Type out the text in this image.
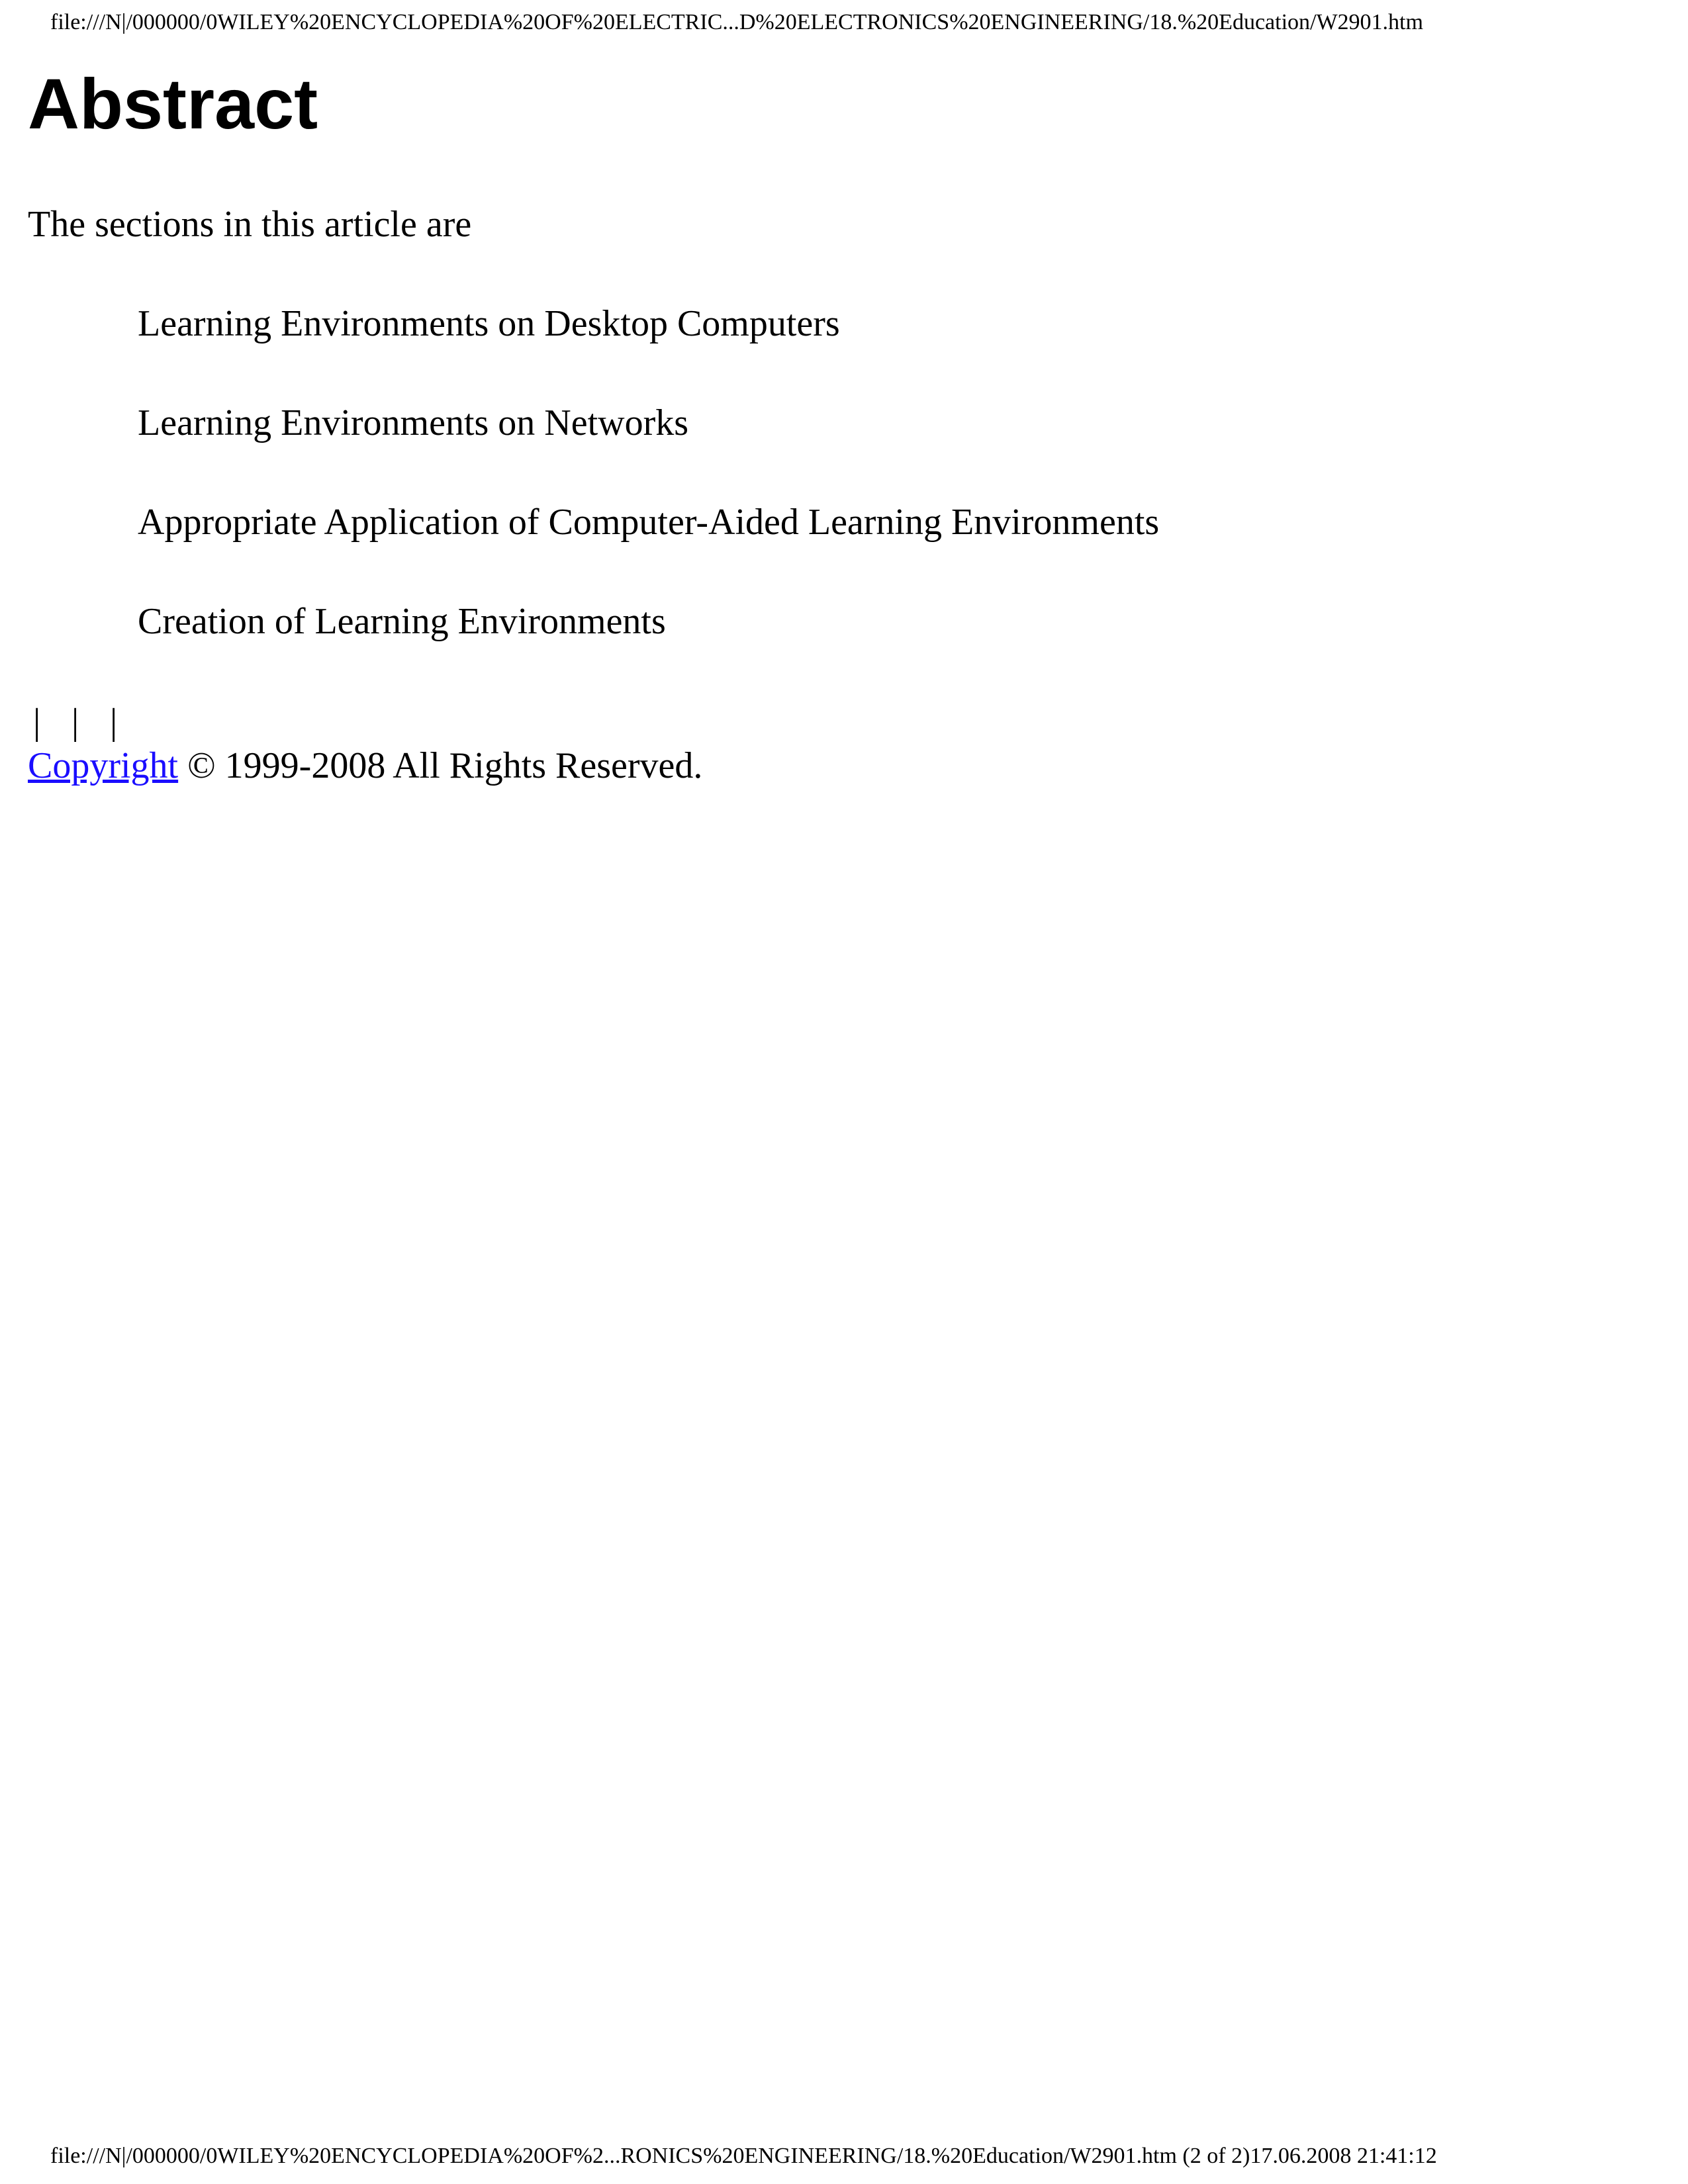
file:///N|/000000/0WILEY%20ENCYCLOPEDIA%20OF%20ELECTRIC...D%20ELECTRONICS%20ENGINEERING/18.%20Education/W2901.htm
Abstract

The sections in this article are

Learning Environments on Desktop Computers
Learning Environments on Networks
Appropriate Application of Computer-Aided Learning Environments
Creation of Learning Environments
| | |
Copyright © 1999-2008 All Rights Reserved.
file:///N|/000000/0WILEY%20ENCYCLOPEDIA%20OF%2...RONICS%20ENGINEERING/18.%20Education/W2901.htm (2 of 2)17.06.2008 21:41:12
